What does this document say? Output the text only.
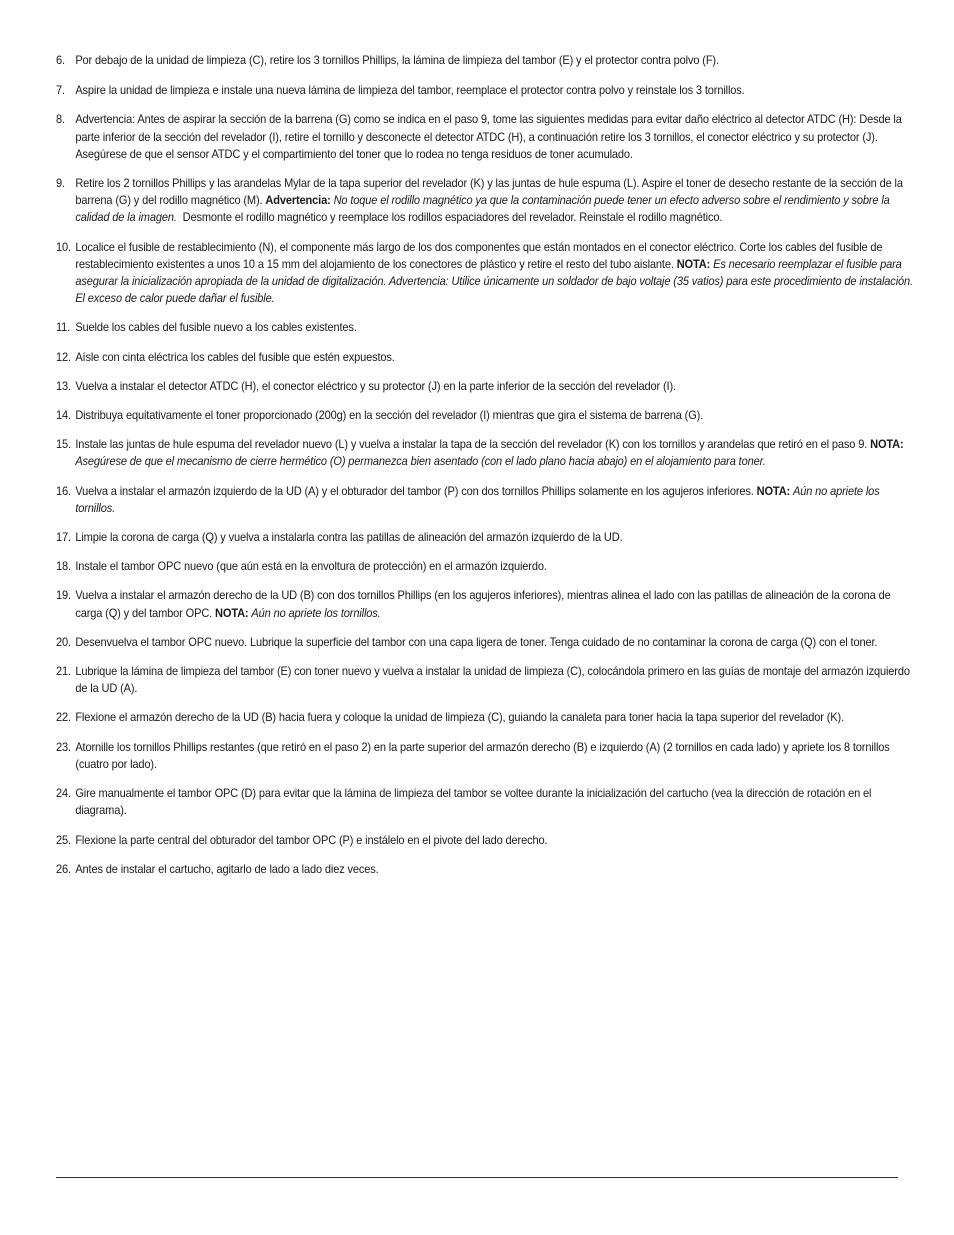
6. Por debajo de la unidad de limpieza (C), retire los 3 tornillos Phillips, la lámina de limpieza del tambor (E) y el protector contra polvo (F).
7. Aspire la unidad de limpieza e instale una nueva lámina de limpieza del tambor, reemplace el protector contra polvo y reinstale los 3 tornillos.
8. Advertencia: Antes de aspirar la sección de la barrena (G) como se indica en el paso 9, tome las siguientes medidas para evitar daño eléctrico al detector ATDC (H): Desde la parte inferior de la sección del revelador (I), retire el tornillo y desconecte el detector ATDC (H), a continuación retire los 3 tornillos, el conector eléctrico y su protector (J). Asegúrese de que el sensor ATDC y el compartimiento del toner que lo rodea no tenga residuos de toner acumulado.
9. Retire los 2 tornillos Phillips y las arandelas Mylar de la tapa superior del revelador (K) y las juntas de hule espuma (L). Aspire el toner de desecho restante de la sección de la barrena (G) y del rodillo magnético (M). Advertencia: No toque el rodillo magnético ya que la contaminación puede tener un efecto adverso sobre el rendimiento y sobre la calidad de la imagen. Desmonte el rodillo magnético y reemplace los rodillos espaciadores del revelador. Reinstale el rodillo magnético.
10. Localice el fusible de restablecimiento (N), el componente más largo de los dos componentes que están montados en el conector eléctrico. Corte los cables del fusible de restablecimiento existentes a unos 10 a 15 mm del alojamiento de los conectores de plástico y retire el resto del tubo aislante. NOTA: Es necesario reemplazar el fusible para asegurar la inicialización apropiada de la unidad de digitalización. Advertencia: Utilice únicamente un soldador de bajo voltaje (35 vatios) para este procedimiento de instalación. El exceso de calor puede dañar el fusible.
11. Suelde los cables del fusible nuevo a los cables existentes.
12. Aísle con cinta eléctrica los cables del fusible que estén expuestos.
13. Vuelva a instalar el detector ATDC (H), el conector eléctrico y su protector (J) en la parte inferior de la sección del revelador (I).
14. Distribuya equitativamente el toner proporcionado (200g) en la sección del revelador (I) mientras que gira el sistema de barrena (G).
15. Instale las juntas de hule espuma del revelador nuevo (L) y vuelva a instalar la tapa de la sección del revelador (K) con los tornillos y arandelas que retiró en el paso 9. NOTA: Asegúrese de que el mecanismo de cierre hermético (O) permanezca bien asentado (con el lado plano hacia abajo) en el alojamiento para toner.
16. Vuelva a instalar el armazón izquierdo de la UD (A) y el obturador del tambor (P) con dos tornillos Phillips solamente en los agujeros inferiores. NOTA: Aún no apriete los tornillos.
17. Limpie la corona de carga (Q) y vuelva a instalarla contra las patillas de alineación del armazón izquierdo de la UD.
18. Instale el tambor OPC nuevo (que aún está en la envoltura de protección) en el armazón izquierdo.
19. Vuelva a instalar el armazón derecho de la UD (B) con dos tornillos Phillips (en los agujeros inferiores), mientras alinea el lado con las patillas de alineación de la corona de carga (Q) y del tambor OPC. NOTA: Aún no apriete los tornillos.
20. Desenvuelva el tambor OPC nuevo. Lubrique la superficie del tambor con una capa ligera de toner. Tenga cuidado de no contaminar la corona de carga (Q) con el toner.
21. Lubrique la lámina de limpieza del tambor (E) con toner nuevo y vuelva a instalar la unidad de limpieza (C), colocándola primero en las guías de montaje del armazón izquierdo de la UD (A).
22. Flexione el armazón derecho de la UD (B) hacia fuera y coloque la unidad de limpieza (C), guiando la canaleta para toner hacia la tapa superior del revelador (K).
23. Atornille los tornillos Phillips restantes (que retiró en el paso 2) en la parte superior del armazón derecho (B) e izquierdo (A) (2 tornillos en cada lado) y apriete los 8 tornillos (cuatro por lado).
24. Gire manualmente el tambor OPC (D) para evitar que la lámina de limpieza del tambor se voltee durante la inicialización del cartucho (vea la dirección de rotación en el diagrama).
25. Flexione la parte central del obturador del tambor OPC (P) e instálelo en el pivote del lado derecho.
26. Antes de instalar el cartucho, agitarlo de lado a lado diez veces.
